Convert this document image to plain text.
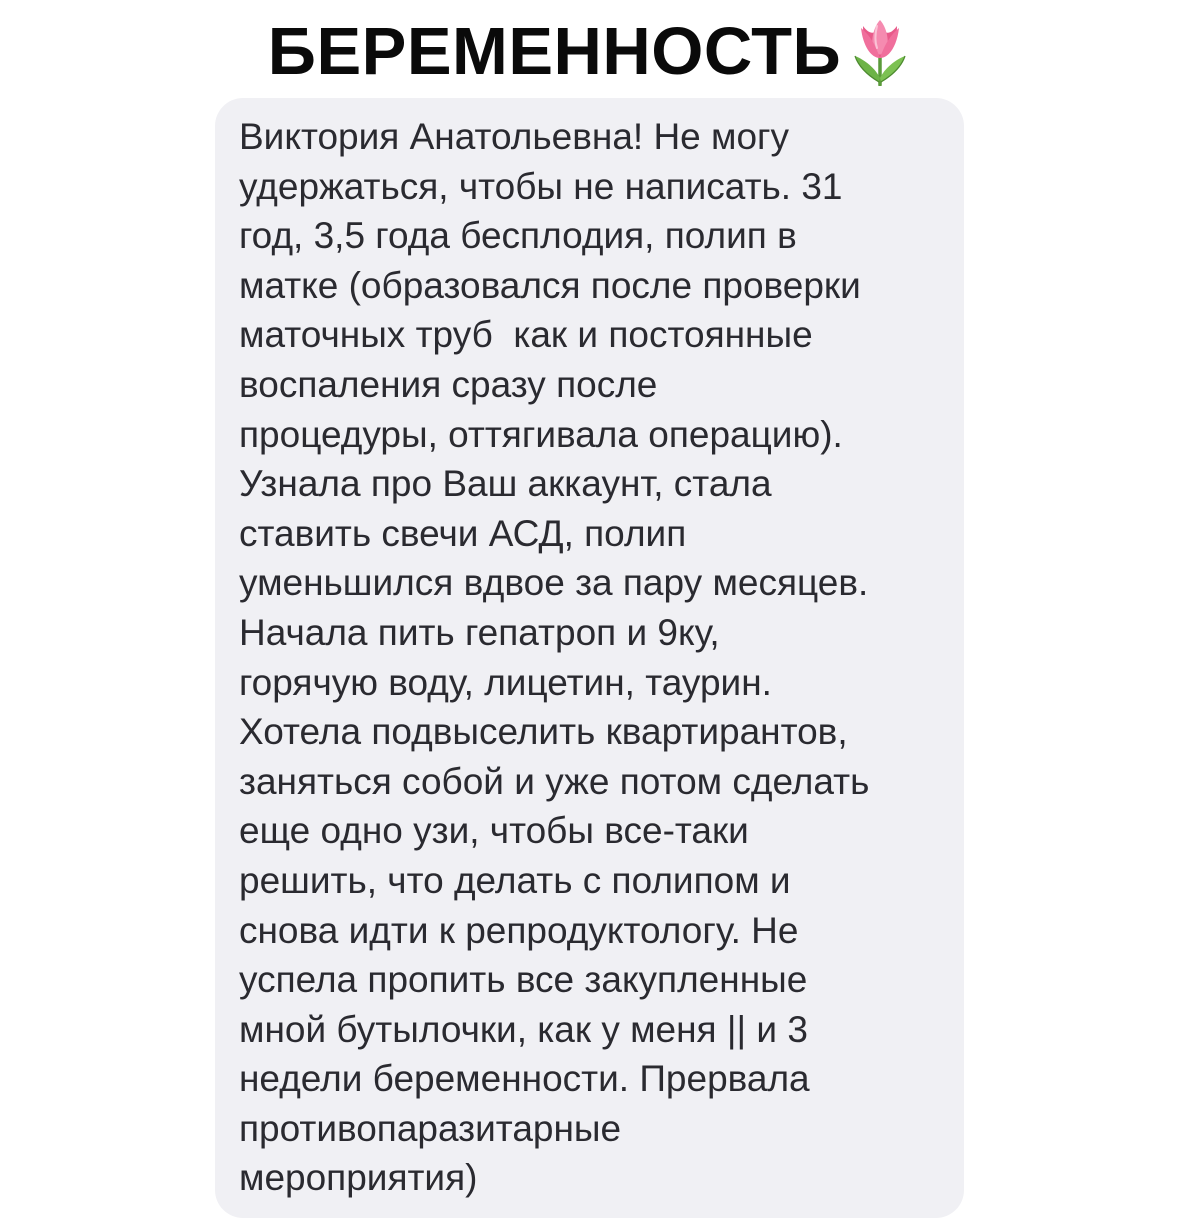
БЕРЕМЕННОСТЬ

Виктория Анатольевна! Не могу
удержаться, чтобы не написать. 31
год, 3,5 года бесплодия, полип в
матке (образовался после проверки
маточных труб  как и постоянные
воспаления сразу после
процедуры, оттягивала операцию).
Узнала про Ваш аккаунт, стала
ставить свечи АСД, полип
уменьшился вдвое за пару месяцев.
Начала пить гепатроп и 9ку,
горячую воду, лицетин, таурин.
Хотела подвыселить квартирантов,
заняться собой и уже потом сделать
еще одно узи, чтобы все-таки
решить, что делать с полипом и
снова идти к репродуктологу. Не
успела пропить все закупленные
мной бутылочки, как у меня || и 3
недели беременности. Прервала
противопаразитарные
мероприятия)
